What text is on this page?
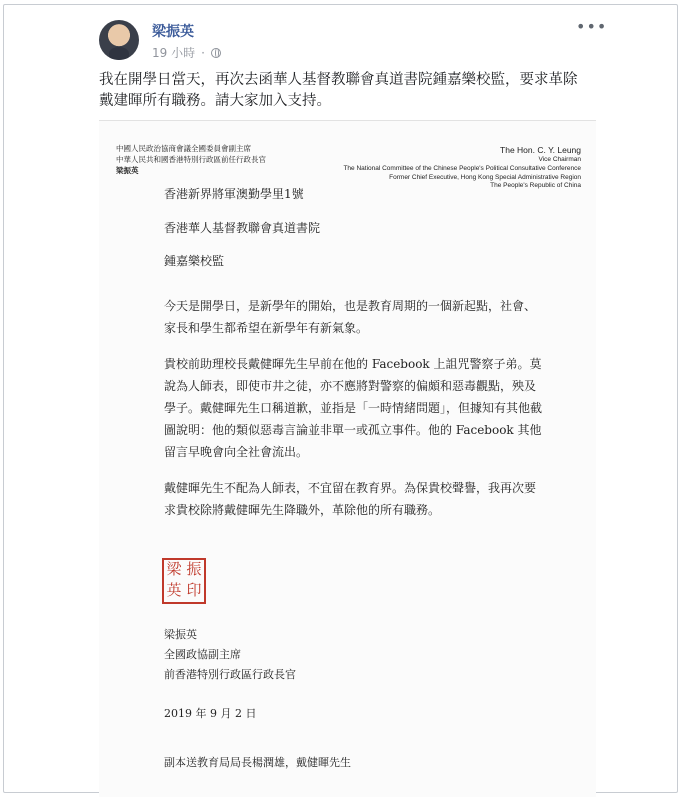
梁振英
19 小時 ·
•••
我在開學日當天，再次去函華人基督教聯會真道書院鍾嘉樂校監，要求革除戴建暉所有職務。請大家加入支持。
中國人民政治協商會議全國委員會副主席
中華人民共和國香港特別行政區前任行政長官
梁振英
The Hon. C. Y. Leung
Vice Chairman
The National Committee of the Chinese People's Political Consultative Conference
Former Chief Executive, Hong Kong Special Administrative Region
The People's Republic of China
香港新界將軍澳勤學里1號
香港華人基督教聯會真道書院
鍾嘉樂校監
今天是開學日，是新學年的開始，也是教育周期的一個新起點，社會、家長和學生都希望在新學年有新氣象。
貴校前助理校長戴健暉先生早前在他的 Facebook 上詛咒警察子弟。莫說為人師表，即使市井之徒，亦不應將對警察的偏頗和惡毒觀點，殃及學子。戴健暉先生口稱道歉，並指是「一時情緒問題」，但據知有其他截圖說明：他的類似惡毒言論並非單一或孤立事件。他的 Facebook 其他留言早晚會向全社會流出。
戴健暉先生不配為人師表，不宜留在教育界。為保貴校聲譽，我再次要求貴校除將戴健暉先生降職外，革除他的所有職務。
梁 振
英 印
梁振英
全國政協副主席
前香港特別行政區行政長官
2019 年 9 月 2 日
副本送教育局局長楊潤雄，戴健暉先生
